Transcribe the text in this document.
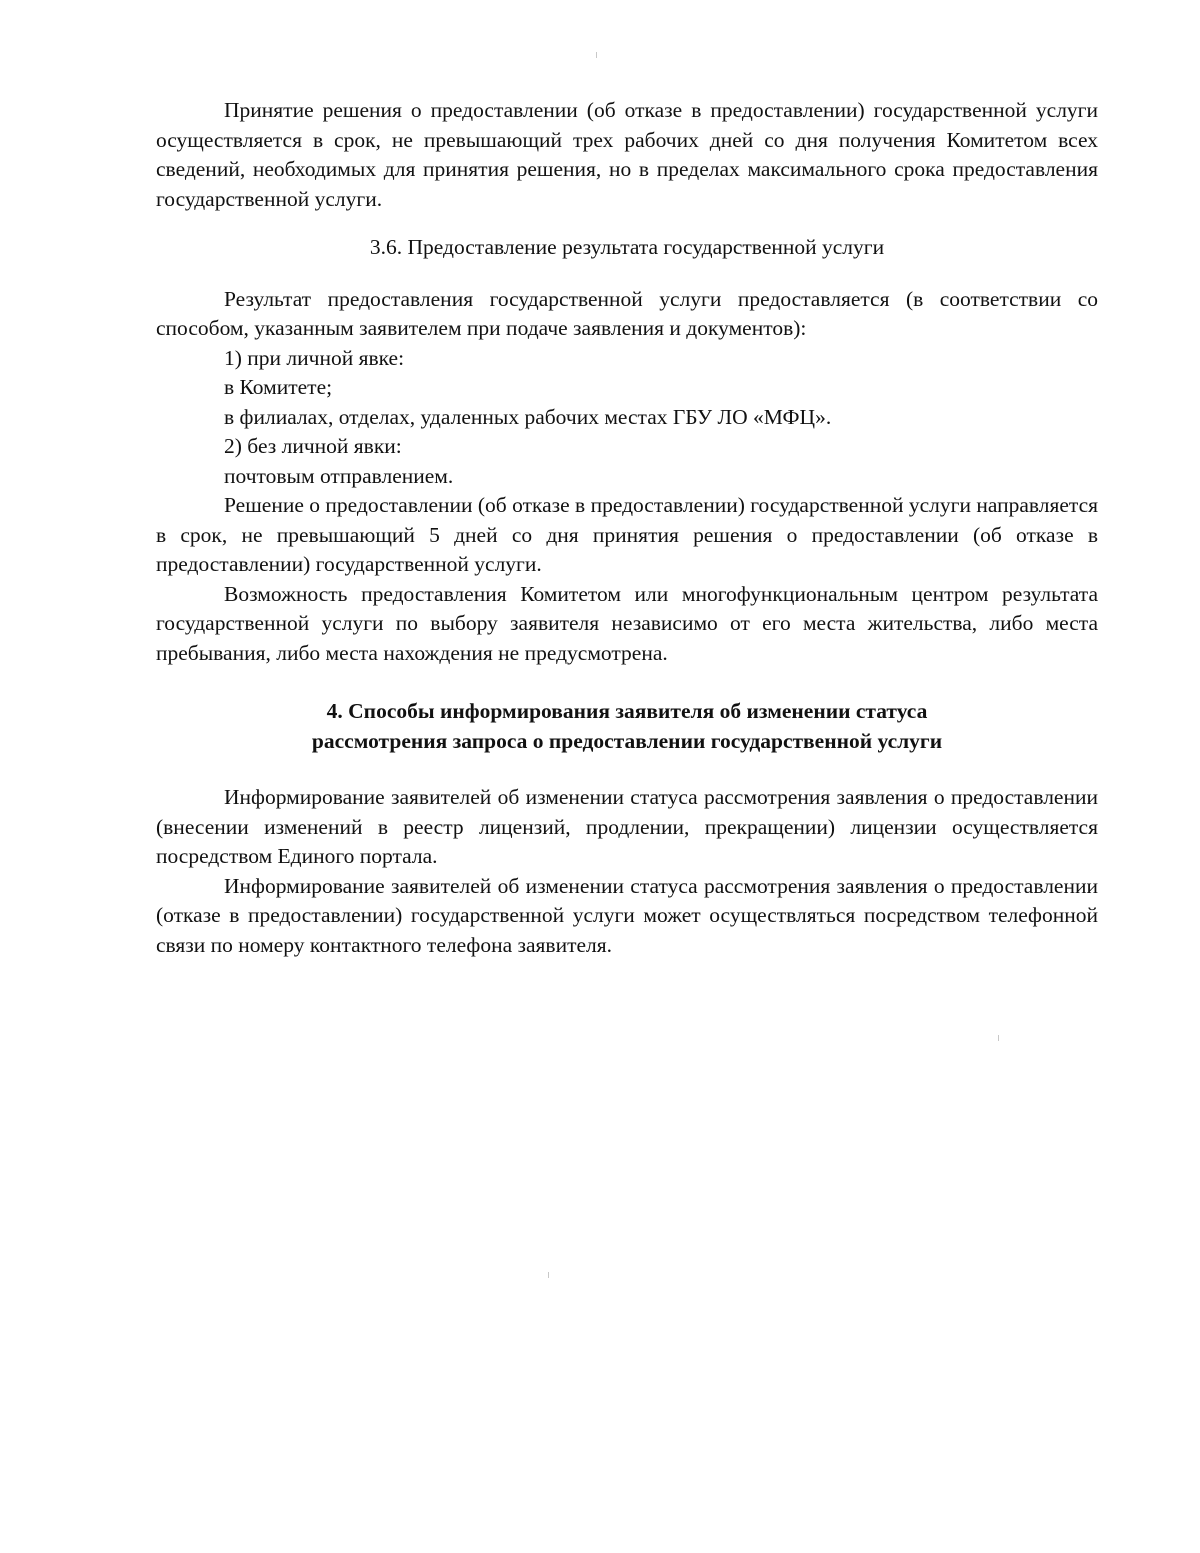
Принятие решения о предоставлении (об отказе в предоставлении) государственной услуги осуществляется в срок, не превышающий трех рабочих дней со дня получения Комитетом всех сведений, необходимых для принятия решения, но в пределах максимального срока предоставления государственной услуги.

3.6. Предоставление результата государственной услуги

Результат предоставления государственной услуги предоставляется (в соответствии со способом, указанным заявителем при подаче заявления и документов):

1) при личной явке:

в Комитете;

в филиалах, отделах, удаленных рабочих местах ГБУ ЛО «МФЦ».

2) без личной явки:

почтовым отправлением.

Решение о предоставлении (об отказе в предоставлении) государственной услуги направляется в срок, не превышающий 5 дней со дня принятия решения о предоставлении (об отказе в предоставлении) государственной услуги.

Возможность предоставления Комитетом или многофункциональным центром результата государственной услуги по выбору заявителя независимо от его места жительства, либо места пребывания, либо места нахождения не предусмотрена.

4. Способы информирования заявителя об изменении статуса
рассмотрения запроса о предоставлении государственной услуги

Информирование заявителей об изменении статуса рассмотрения заявления о предоставлении (внесении изменений в реестр лицензий, продлении, прекращении) лицензии осуществляется посредством Единого портала.

Информирование заявителей об изменении статуса рассмотрения заявления о предоставлении (отказе в предоставлении) государственной услуги может осуществляться посредством телефонной связи по номеру контактного телефона заявителя.
